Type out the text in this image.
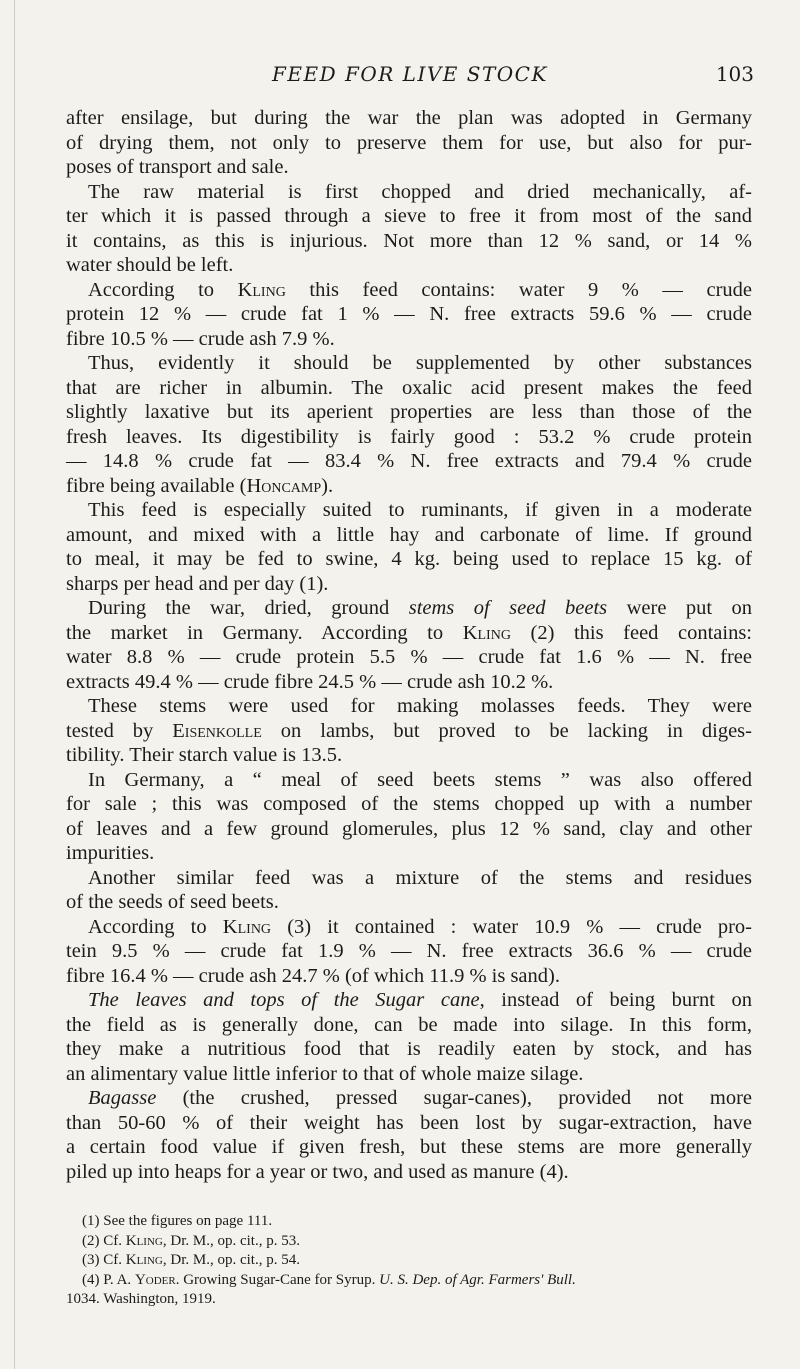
FEED FOR LIVE STOCK	103
after ensilage, but during the war the plan was adopted in Germany
of drying them, not only to preserve them for use, but also for pur-
poses of transport and sale.
The raw material is first chopped and dried mechanically, af-
ter which it is passed through a sieve to free it from most of the sand
it contains, as this is injurious. Not more than 12 % sand, or 14 %
water should be left.
According to Kling this feed contains: water 9 % — crude
protein 12 % — crude fat 1 % — N. free extracts 59.6 % — crude
fibre 10.5 % — crude ash 7.9 %.
Thus, evidently it should be supplemented by other substances
that are richer in albumin. The oxalic acid present makes the feed
slightly laxative but its aperient properties are less than those of the
fresh leaves. Its digestibility is fairly good : 53.2 % crude protein
— 14.8 % crude fat — 83.4 % N. free extracts and 79.4 % crude
fibre being available (Honcamp).
This feed is especially suited to ruminants, if given in a moderate
amount, and mixed with a little hay and carbonate of lime. If ground
to meal, it may be fed to swine, 4 kg. being used to replace 15 kg. of
sharps per head and per day (1).
During the war, dried, ground stems of seed beets were put on
the market in Germany. According to Kling (2) this feed contains:
water 8.8 % — crude protein 5.5 % — crude fat 1.6 % — N. free
extracts 49.4 % — crude fibre 24.5 % — crude ash 10.2 %.
These stems were used for making molasses feeds. They were
tested by Eisenkolle on lambs, but proved to be lacking in diges-
tibility. Their starch value is 13.5.
In Germany, a “ meal of seed beets stems ” was also offered
for sale ; this was composed of the stems chopped up with a number
of leaves and a few ground glomerules, plus 12 % sand, clay and other
impurities.
Another similar feed was a mixture of the stems and residues
of the seeds of seed beets.
According to Kling (3) it contained : water 10.9 % — crude pro-
tein 9.5 % — crude fat 1.9 % — N. free extracts 36.6 % — crude
fibre 16.4 % — crude ash 24.7 % (of which 11.9 % is sand).
The leaves and tops of the Sugar cane, instead of being burnt on
the field as is generally done, can be made into silage. In this form,
they make a nutritious food that is readily eaten by stock, and has
an alimentary value little inferior to that of whole maize silage.
Bagasse (the crushed, pressed sugar-canes), provided not more
than 50-60 % of their weight has been lost by sugar-extraction, have
a certain food value if given fresh, but these stems are more generally
piled up into heaps for a year or two, and used as manure (4).
(1) See the figures on page 111.
(2) Cf. Kling, Dr. M., op. cit., p. 53.
(3) Cf. Kling, Dr. M., op. cit., p. 54.
(4) P. A. Yoder. Growing Sugar-Cane for Syrup. U. S. Dep. of Agr. Farmers' Bull.
1034. Washington, 1919.
